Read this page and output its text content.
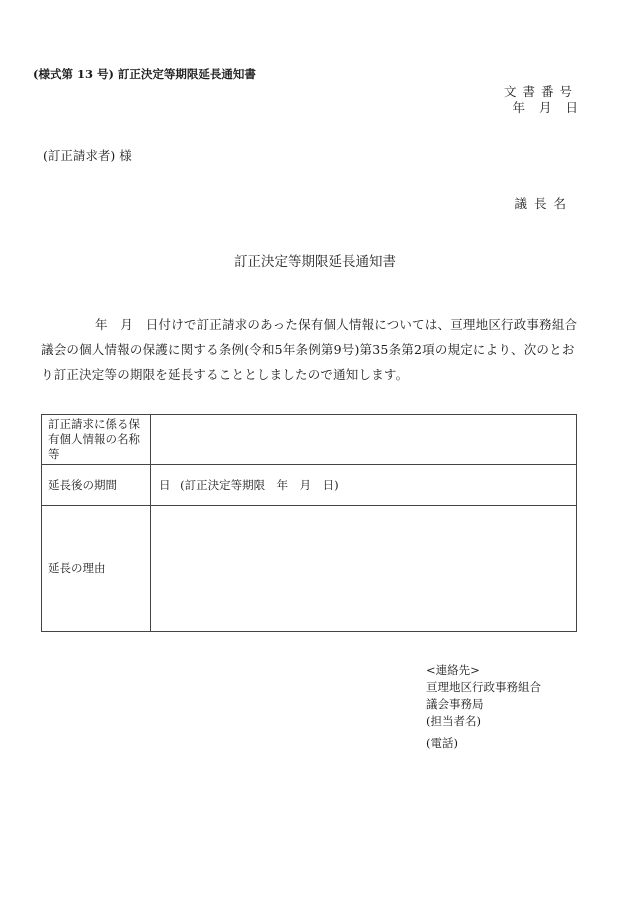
(様式第 13 号) 訂正決定等期限延長通知書
文書番号
年 月 日
(訂正請求者) 様
議長名
訂正決定等期限延長通知書
年　月　日付けで訂正請求のあった保有個人情報については、亘理地区行政事務組合議会の個人情報の保護に関する条例(令和5年条例第9号)第35条第2項の規定により、次のとおり訂正決定等の期限を延長することとしましたので通知します。
訂正請求に係る保有個人情報の名称等	
延長後の期間	日 (訂正決定等期限　年　月　日)
延長の理由	
<連絡先>
亘理地区行政事務組合
議会事務局
(担当者名)
(電話)
